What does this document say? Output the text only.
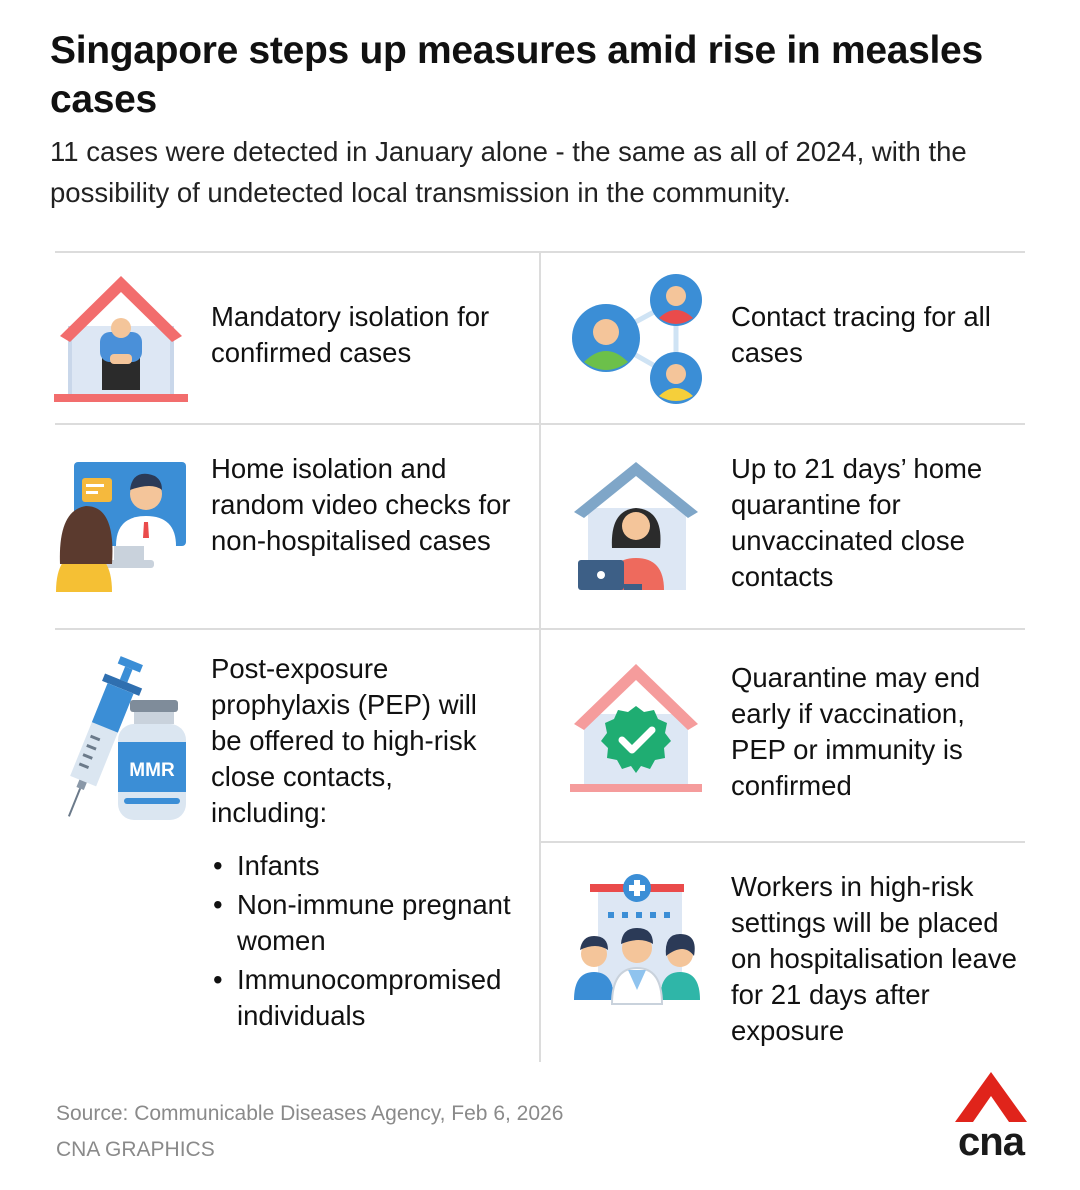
Singapore steps up measures amid rise in measles cases

11 cases were detected in January alone - the same as all of 2024, with the possibility of undetected local transmission in the community.

Mandatory isolation for confirmed cases

Contact tracing for all cases

Home isolation and random video checks for non-hospitalised cases

Up to 21 days’ home quarantine for unvaccinated close contacts

MMR

Post-exposure prophylaxis (PEP) will be offered to high-risk close contacts, including:

• Infants
• Non-immune pregnant women
• Immunocompromised individuals

Quarantine may end early if vaccination, PEP or immunity is confirmed

Workers in high-risk settings will be placed on hospitalisation leave for 21 days after exposure

Source: Communicable Diseases Agency, Feb 6, 2026
CNA GRAPHICS	cna
